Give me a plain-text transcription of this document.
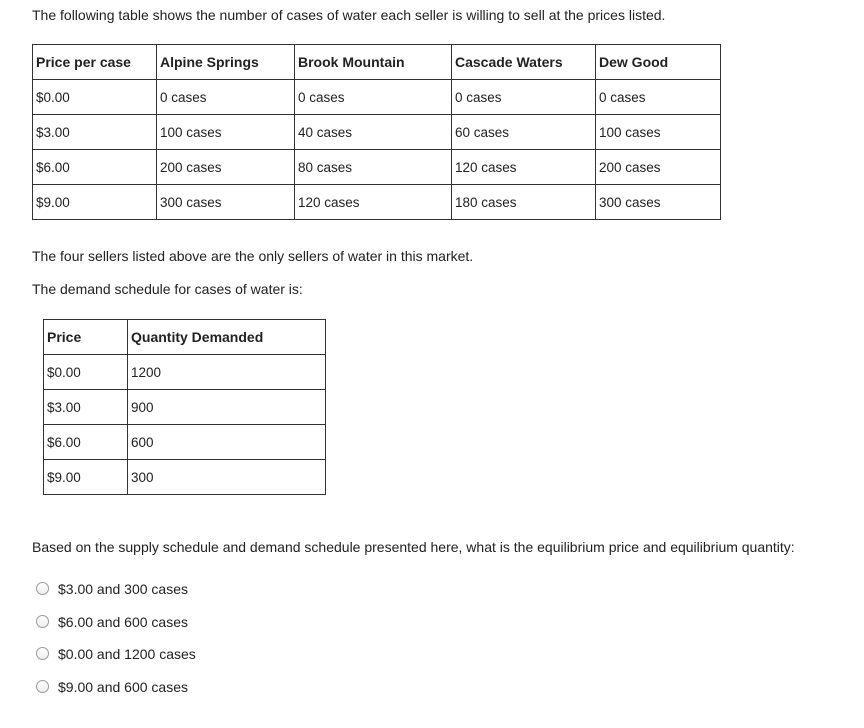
The following table shows the number of cases of water each seller is willing to sell at the prices listed.

Price per case	Alpine Springs	Brook Mountain	Cascade Waters	Dew Good
$0.00	0 cases	0 cases	0 cases	0 cases
$3.00	100 cases	40 cases	60 cases	100 cases
$6.00	200 cases	80 cases	120 cases	200 cases
$9.00	300 cases	120 cases	180 cases	300 cases

The four sellers listed above are the only sellers of water in this market.

The demand schedule for cases of water is:

Price	Quantity Demanded
$0.00	1200
$3.00	900
$6.00	600
$9.00	300

Based on the supply schedule and demand schedule presented here, what is the equilibrium price and equilibrium quantity:

$3.00 and 300 cases
$6.00 and 600 cases
$0.00 and 1200 cases
$9.00 and 600 cases
